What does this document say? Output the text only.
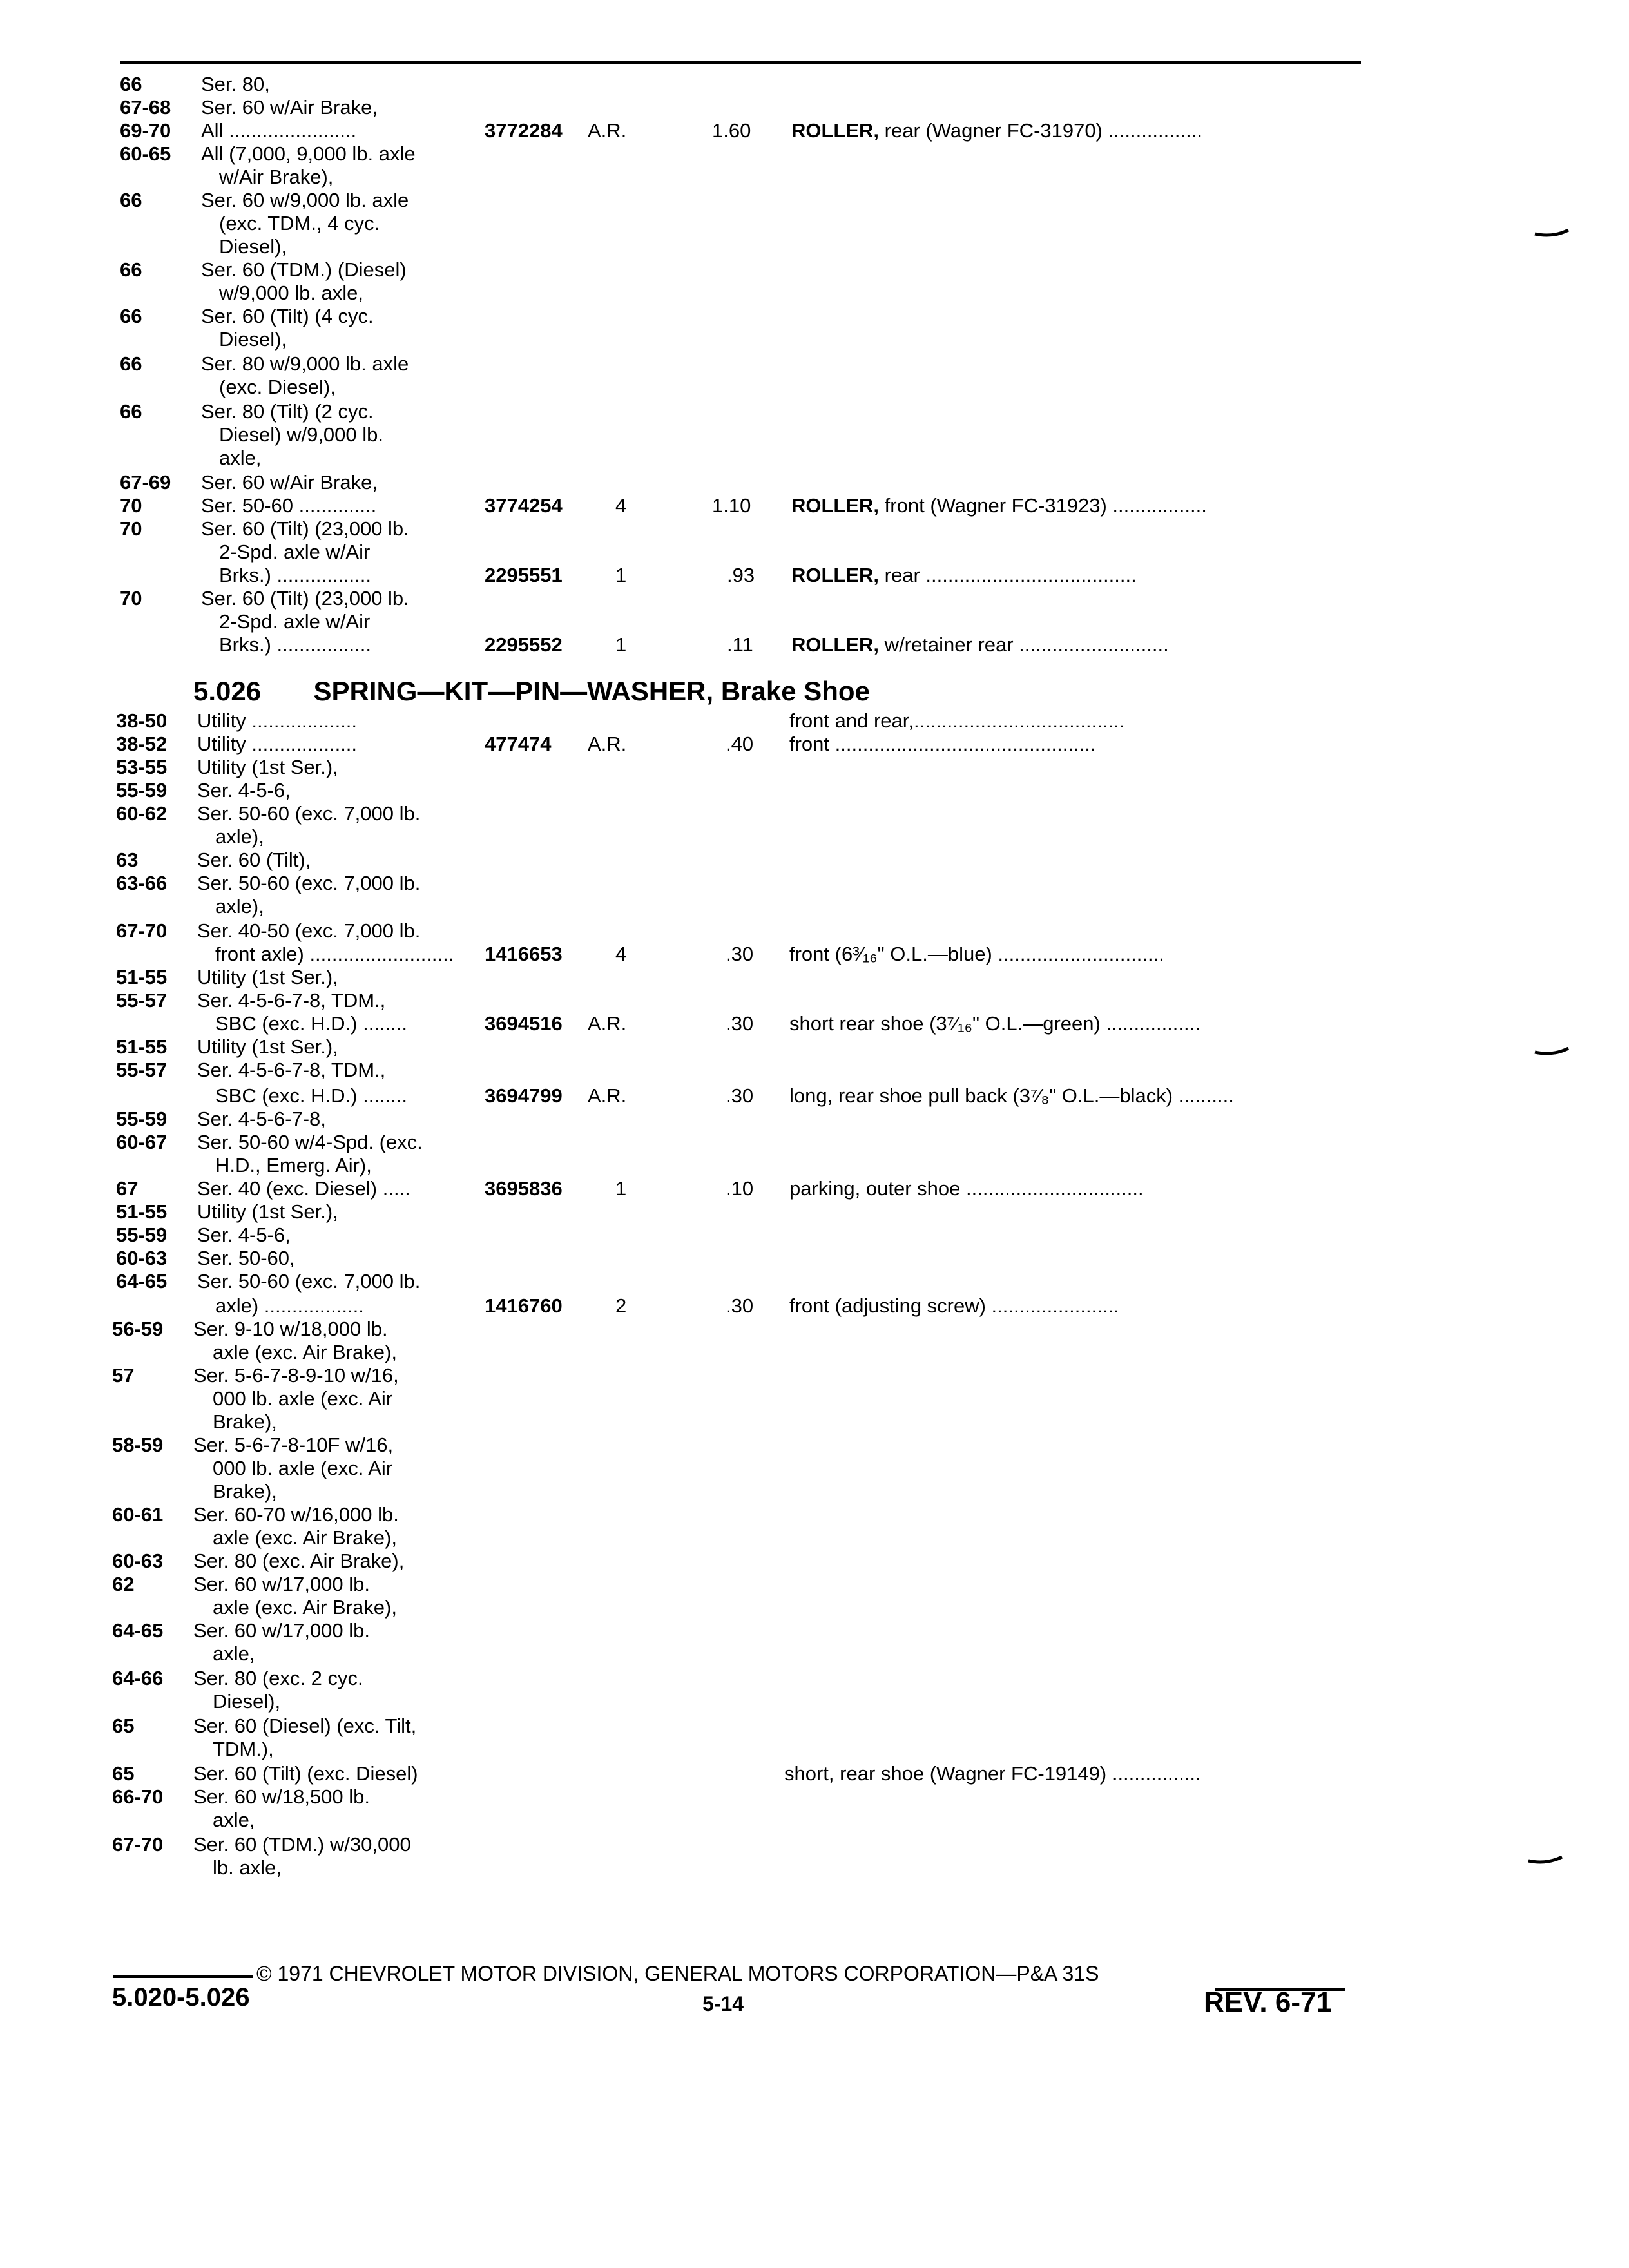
66	Ser. 80,
67-68 Ser. 60 w/Air Brake,
69-70 All .......................	3772284 A.R.	1.60 ROLLER, rear (Wagner FC-31970) .................
60-65 All (7,000, 9,000 lb. axle
w/Air Brake),
66	Ser. 60 w/9,000 lb. axle
(exc. TDM., 4 cyc.
Diesel),
66	Ser. 60 (TDM.) (Diesel)
w/9,000 lb. axle,
66	Ser. 60 (Tilt) (4 cyc.
Diesel),
66	Ser. 80 w/9,000 lb. axle
(exc. Diesel),
66	Ser. 80 (Tilt) (2 cyc.
Diesel) w/9,000 lb.
axle,
67-69 Ser. 60 w/Air Brake,
70	Ser. 50-60 ..............	3774254	4	1.10 ROLLER, front (Wagner FC-31923) .................
70	Ser. 60 (Tilt) (23,000 lb.
2-Spd. axle w/Air
Brks.) .................	2295551	1	.93 ROLLER, rear ......................................
70	Ser. 60 (Tilt) (23,000 lb.
2-Spd. axle w/Air
Brks.) .................	2295552	1	.11 ROLLER, w/retainer rear ...........................
38-50 Utility ...................	front and rear,......................................
38-52 Utility ...................	477474 A.R.	.40 front ...............................................
53-55 Utility (1st Ser.),
55-59 Ser. 4-5-6,
60-62 Ser. 50-60 (exc. 7,000 lb.
axle),
63	Ser. 60 (Tilt),
63-66 Ser. 50-60 (exc. 7,000 lb.
axle),
67-70 Ser. 40-50 (exc. 7,000 lb.
front axle) .......................... 1416653	4	.30 front (6³⁄₁₆" O.L.—blue) ..............................
51-55 Utility (1st Ser.),
55-57 Ser. 4-5-6-7-8, TDM.,
SBC (exc. H.D.) ........	3694516 A.R.	.30 short rear shoe (3⁷⁄₁₆" O.L.—green) .................
51-55 Utility (1st Ser.),
55-57 Ser. 4-5-6-7-8, TDM.,
SBC (exc. H.D.) ........	3694799 A.R.	.30 long, rear shoe pull back (3⁷⁄₈" O.L.—black) ..........
55-59 Ser. 4-5-6-7-8,
60-67 Ser. 50-60 w/4-Spd. (exc.
H.D., Emerg. Air),
67	Ser. 40 (exc. Diesel) .....	3695836	1	.10 parking, outer shoe ................................
51-55 Utility (1st Ser.),
55-59 Ser. 4-5-6,
60-63 Ser. 50-60,
64-65 Ser. 50-60 (exc. 7,000 lb.
axle) ..................	1416760	2	.30 front (adjusting screw) .......................
56-59 Ser. 9-10 w/18,000 lb.
axle (exc. Air Brake),
57	Ser. 5-6-7-8-9-10 w/16,
000 lb. axle (exc. Air
Brake),
58-59 Ser. 5-6-7-8-10F w/16,
000 lb. axle (exc. Air
Brake),
60-61 Ser. 60-70 w/16,000 lb.
axle (exc. Air Brake),
60-63 Ser. 80 (exc. Air Brake),
62	Ser. 60 w/17,000 lb.
axle (exc. Air Brake),
64-65 Ser. 60 w/17,000 lb.
axle,
64-66 Ser. 80 (exc. 2 cyc.
Diesel),
65	Ser. 60 (Diesel) (exc. Tilt,
TDM.),
65	Ser. 60 (Tilt) (exc. Diesel)	short, rear shoe (Wagner FC-19149) ................
66-70 Ser. 60 w/18,500 lb.
axle,
67-70 Ser. 60 (TDM.) w/30,000
lb. axle,
5.026 SPRING—KIT—PIN—WASHER, Brake Shoe
© 1971 CHEVROLET MOTOR DIVISION, GENERAL MOTORS CORPORATION—P&A 31S
5.020-5.026	5-14	REV. 6-71
